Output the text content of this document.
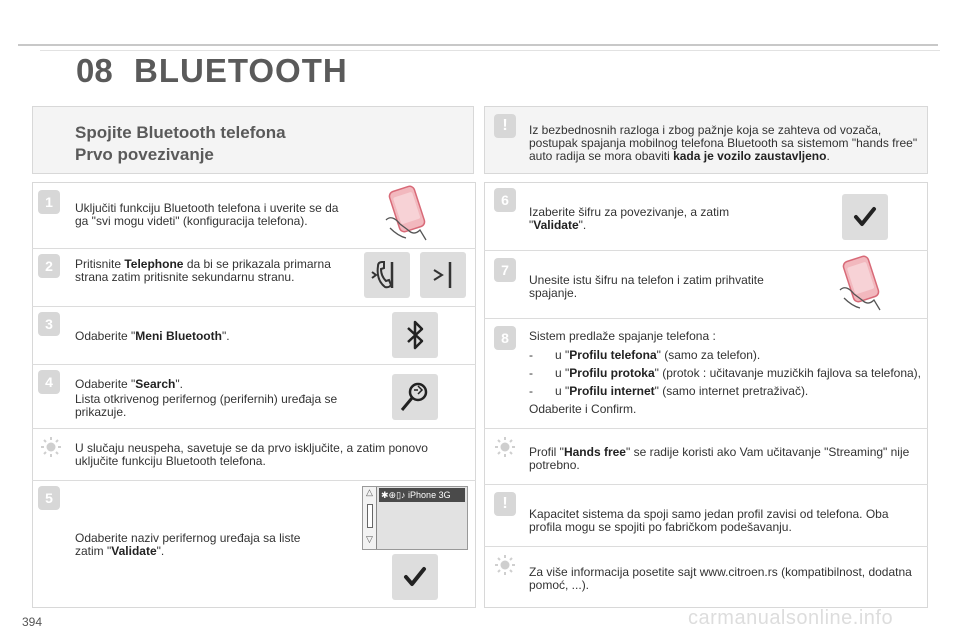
08 BLUETOOTH
Spojite Bluetooth telefona
Prvo povezivanje
1	Uključiti funkciju Bluetooth telefona i uverite se da ga "svi mogu videti" (konfiguracija telefona).
2	Pritisnite Telephone da bi se prikazala primarna strana zatim pritisnite sekundarnu stranu.
3
Odaberite "Meni Bluetooth".
4	Odaberite "Search".

Lista otkrivenog perifernog (perifernih) uređaja se prikazuje.
U slučaju neuspeha, savetuje se da prvo isključite, a zatim ponovo uključite funkciju Bluetooth telefona.
5
Odaberite naziv perifernog uređaja sa liste zatim "Validate".
△
▽
✱⊕▯♪ iPhone 3G
!	Iz bezbednosnih razloga i zbog pažnje koja se zahteva od vozača, postupak spajanja mobilnog telefona Bluetooth sa sistemom "hands free" auto radija se mora obaviti kada je vozilo zaustavljeno.
6
Izaberite šifru za povezivanje, a zatim "Validate".
7
Unesite istu šifru na telefon i zatim prihvatite spajanje.
8	Sistem predlaže spajanje telefona :
- u "Profilu telefona" (samo za telefon).
- u "Profilu protoka" (protok : učitavanje muzičkih fajlova sa telefona),
- u "Profilu internet" (samo internet pretraživač).
Odaberite i Confirm.
Profil "Hands free" se radije koristi ako Vam učitavanje "Streaming" nije potrebno.
!
Kapacitet sistema da spoji samo jedan profil zavisi od telefona. Oba profila mogu se spojiti po fabričkom podešavanju.
Za više informacija posetite sajt www.citroen.rs (kompatibilnost, dodatna pomoć, ...).
394	carmanualsonline.info
